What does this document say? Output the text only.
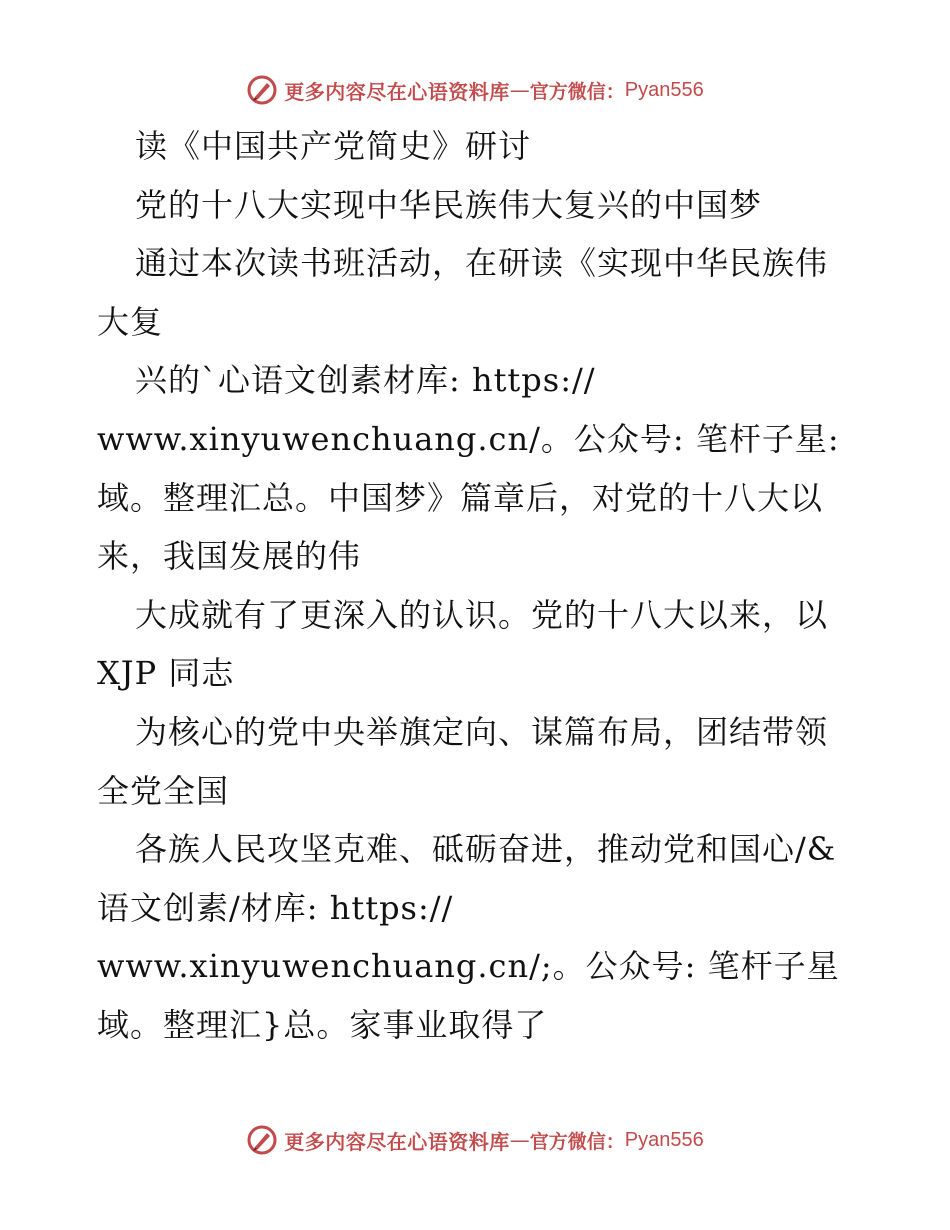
更多内容尽在心语资料库 — 官方微信： Pyan556
读《中国共产党简史》研讨
党的十八大实现中华民族伟大复兴的中国梦
通过本次读书班活动，在研读《实现中华民族伟
大复
兴的`心语文创素材库: https://
www.xinyuwenchuang.cn/。公众号: 笔杆子星:
域。整理汇总。中国梦》篇章后，对党的十八大以
来，我国发展的伟
大成就有了更深入的认识。党的十八大以来，以
XJP 同志
为核心的党中央举旗定向、谋篇布局，团结带领
全党全国
各族人民攻坚克难、砥砺奋进，推动党和国心/&
语文创素/材库: https://
www.xinyuwenchuang.cn/;。公众号: 笔杆子星
域。整理汇}总。家事业取得了
更多内容尽在心语资料库 — 官方微信： Pyan556
